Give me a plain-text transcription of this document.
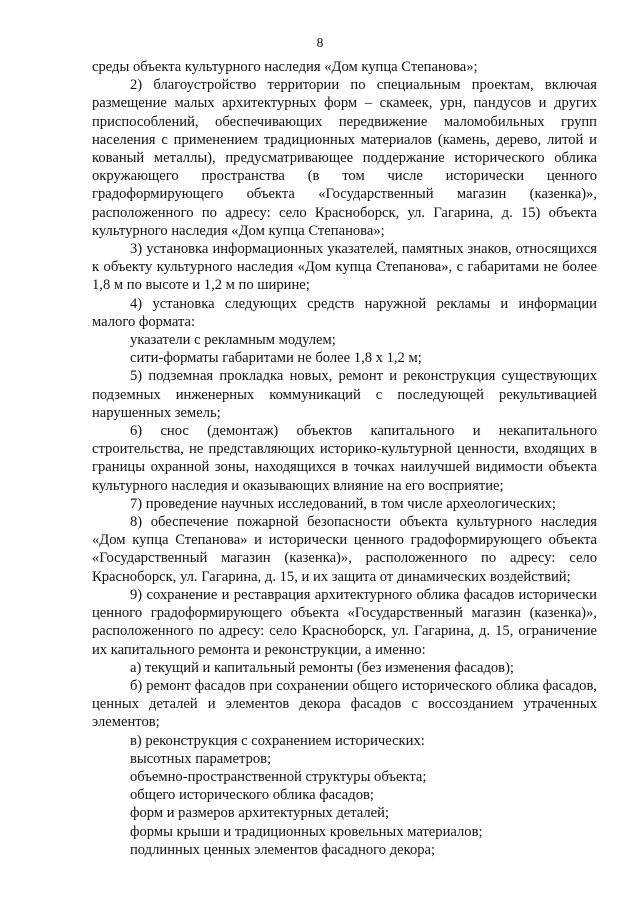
8

среды объекта культурного наследия «Дом купца Степанова»;

2) благоустройство территории по специальным проектам, включая размещение малых архитектурных форм – скамеек, урн, пандусов и других приспособлений, обеспечивающих передвижение маломобильных групп населения с применением традиционных материалов (камень, дерево, литой и кованый металлы), предусматривающее поддержание исторического облика окружающего пространства (в том числе исторически ценного градоформирующего объекта «Государственный магазин (казенка)», расположенного по адресу: село Красноборск, ул. Гагарина, д. 15) объекта культурного наследия «Дом купца Степанова»;

3) установка информационных указателей, памятных знаков, относящихся к объекту культурного наследия «Дом купца Степанова», с габаритами не более 1,8 м по высоте и 1,2 м по ширине;

4) установка следующих средств наружной рекламы и информации малого формата:

указатели с рекламным модулем;

сити-форматы габаритами не более 1,8 х 1,2 м;

5) подземная прокладка новых, ремонт и реконструкция существующих подземных инженерных коммуникаций с последующей рекультивацией нарушенных земель;

6) снос (демонтаж) объектов капитального и некапитального строительства, не представляющих историко-культурной ценности, входящих в границы охранной зоны, находящихся в точках наилучшей видимости объекта культурного наследия и оказывающих влияние на его восприятие;

7) проведение научных исследований, в том числе археологических;

8) обеспечение пожарной безопасности объекта культурного наследия «Дом купца Степанова» и исторически ценного градоформирующего объекта «Государственный магазин (казенка)», расположенного по адресу: село Красноборск, ул. Гагарина, д. 15, и их защита от динамических воздействий;

9) сохранение и реставрация архитектурного облика фасадов исторически ценного градоформирующего объекта «Государственный магазин (казенка)», расположенного по адресу: село Красноборск, ул. Гагарина, д. 15, ограничение их капитального ремонта и реконструкции, а именно:

а) текущий и капитальный ремонты (без изменения фасадов);

б) ремонт фасадов при сохранении общего исторического облика фасадов, ценных деталей и элементов декора фасадов с воссозданием утраченных элементов;

в) реконструкция с сохранением исторических:

высотных параметров;

объемно-пространственной структуры объекта;

общего исторического облика фасадов;

форм и размеров архитектурных деталей;

формы крыши и традиционных кровельных материалов;

подлинных ценных элементов фасадного декора;
